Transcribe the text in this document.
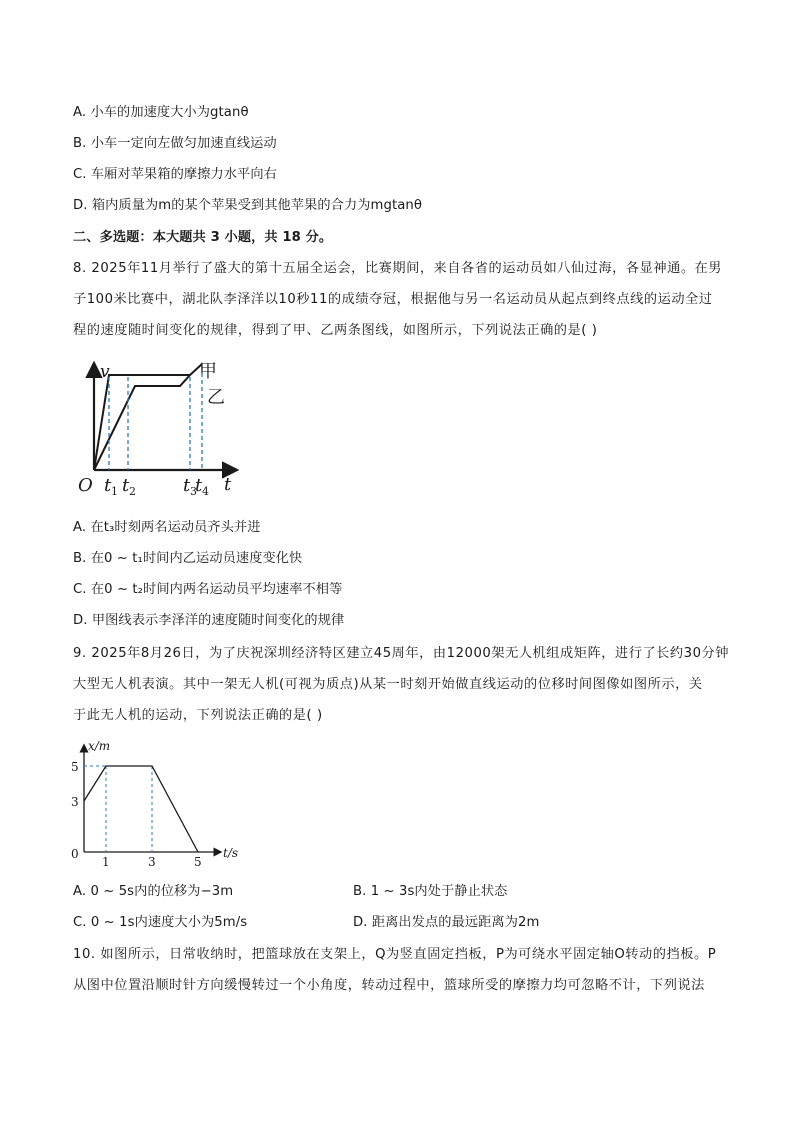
A. 小车的加速度大小为gtanθ
B. 小车一定向左做匀加速直线运动
C. 车厢对苹果箱的摩擦力水平向右
D. 箱内质量为m的某个苹果受到其他苹果的合力为mgtanθ
二、多选题：本大题共 3 小题，共 18 分。
8. 2025年11月举行了盛大的第十五届全运会，比赛期间，来自各省的运动员如八仙过海，各显神通。在男
子100米比赛中，湖北队李泽洋以10秒11的成绩夺冠，根据他与另一名运动员从起点到终点线的运动全过
程的速度随时间变化的规律，得到了甲、乙两条图线，如图所示，下列说法正确的是( )
v	甲
乙
O t 1 t 2	t 3
t 4 t
A. 在t₃时刻两名运动员齐头并进
B. 在0 ~ t₁时间内乙运动员速度变化快
C. 在0 ~ t₂时间内两名运动员平均速率不相等
D. 甲图线表示李泽洋的速度随时间变化的规律
9. 2025年8月26日，为了庆祝深圳经济特区建立45周年，由12000架无人机组成矩阵，进行了长约30分钟
大型无人机表演。其中一架无人机(可视为质点)从某一时刻开始做直线运动的位移时间图像如图所示，关
于此无人机的运动，下列说法正确的是( )
x/m
5
3
0
1	3	5
t/s
A. 0 ~ 5s内的位移为−3m	B. 1 ~ 3s内处于静止状态
C. 0 ~ 1s内速度大小为5m/s	D. 距离出发点的最远距离为2m
10. 如图所示，日常收纳时，把篮球放在支架上，Q为竖直固定挡板，P为可绕水平固定轴O转动的挡板。P
从图中位置沿顺时针方向缓慢转过一个小角度，转动过程中，篮球所受的摩擦力均可忽略不计，下列说法
